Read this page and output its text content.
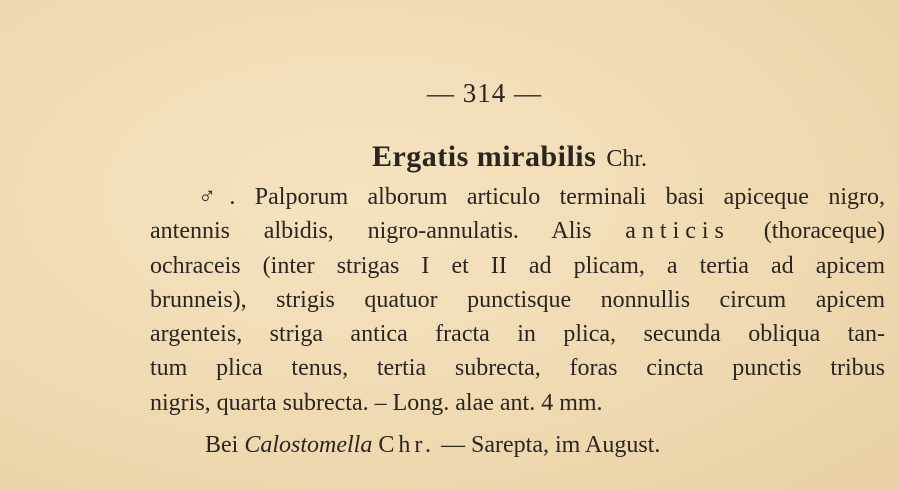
— 314 —
Ergatis mirabilis Chr.
♂. Palporum alborum articulo terminali basi apiceque nigro,
antennis albidis, nigro-annulatis. Alis anticis (thoraceque)
ochraceis (inter strigas I et II ad plicam, a tertia ad apicem
brunneis), strigis quatuor punctisque nonnullis circum apicem
argenteis, striga antica fracta in plica, secunda obliqua tan-
tum plica tenus, tertia subrecta, foras cincta punctis tribus
nigris, quarta subrecta. – Long. alae ant. 4 mm.
Bei Calostomella Chr. — Sarepta, im August.
